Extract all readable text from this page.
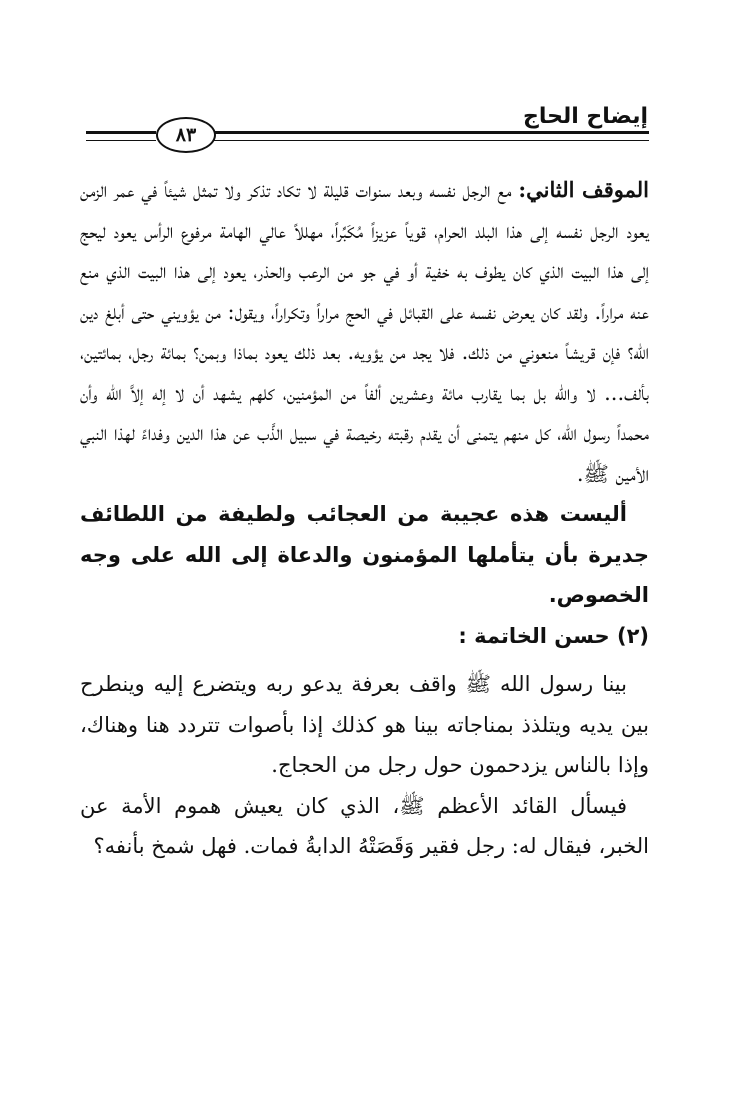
إيضاح الحاج
٨٣

الموقف الثاني: مع الرجل نفسه وبعد سنوات قليلة لا تكاد تذكر ولا تمثل شيئاً في عمر الزمن يعود الرجل نفسه إلى هذا البلد الحرام، قوياً عزيزاً مُكَبِّراً، مهللاً عالي الهامة مرفوع الرأس يعود ليحج إلى هذا البيت الذي كان يطوف به خفية أو في جو من الرعب والحذر، يعود إلى هذا البيت الذي منع عنه مراراً. ولقد كان يعرض نفسه على القبائل في الحج مراراً وتكراراً، ويقول: من يؤويني حتى أبلغ دين الله؟ فإن قريشاً منعوني من ذلك. فلا يجد من يؤويه. بعد ذلك يعود بماذا وبمن؟ بمائة رجل، بمائتين، بألف... لا والله بل بما يقارب مائة وعشرين ألفاً من المؤمنين، كلهم يشهد أن لا إله إلاَّ الله وأن محمداً رسول الله، كل منهم يتمنى أن يقدم رقبته رخيصة في سبيل الذَّب عن هذا الدين وفداءً لهذا النبي الأمين ﷺ.

أليست هذه عجيبة من العجائب ولطيفة من اللطائف جديرة بأن يتأملها المؤمنون والدعاة إلى الله على وجه الخصوص.

(٢) حسن الخاتمة :

بينا رسول الله ﷺ واقف بعرفة يدعو ربه ويتضرع إليه وينطرح بين يديه ويتلذذ بمناجاته بينا هو كذلك إذا بأصوات تتردد هنا وهناك، وإذا بالناس يزدحمون حول رجل من الحجاج.

فيسأل القائد الأعظم ﷺ، الذي كان يعيش هموم الأمة عن الخبر، فيقال له: رجل فقير وَقَصَتْهُ الدابةُ فمات. فهل شمخ بأنفه؟
